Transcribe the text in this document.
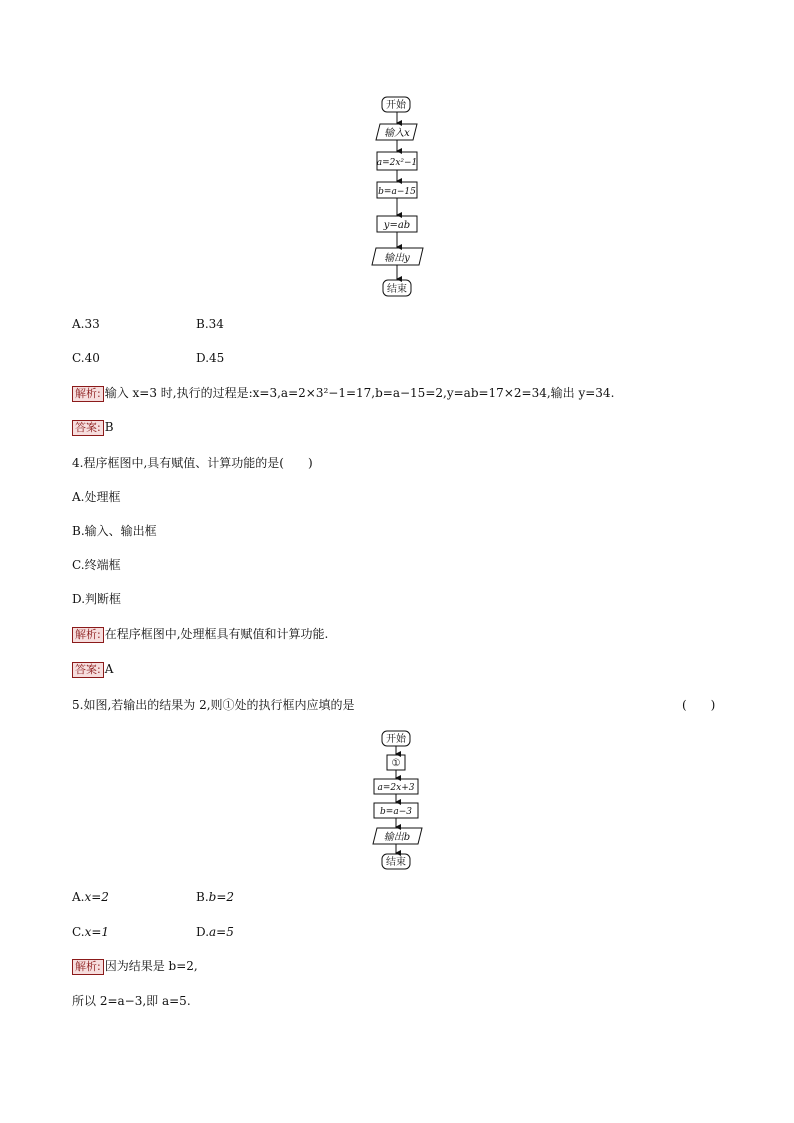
开始
输入x
a=2x²−1
b=a−15
y=ab
输出y
结束
A.33	B.34
C.40	D.45
解析: 输入 x=3 时,执行的过程是:x=3,a=2×3²−1=17,b=a−15=2,y=ab=17×2=34,输出 y=34.
答案: B
4.程序框图中,具有赋值、计算功能的是(　　)
A.处理框
B.输入、输出框
C.终端框
D.判断框
解析: 在程序框图中,处理框具有赋值和计算功能.
答案: A
5.如图,若输出的结果为 2,则①处的执行框内应填的是	(　　)
开始
①
a=2x+3
b=a−3
输出b
结束
A.x=2	B.b=2
C.x=1	D.a=5
解析: 因为结果是 b=2,
所以 2=a−3,即 a=5.
